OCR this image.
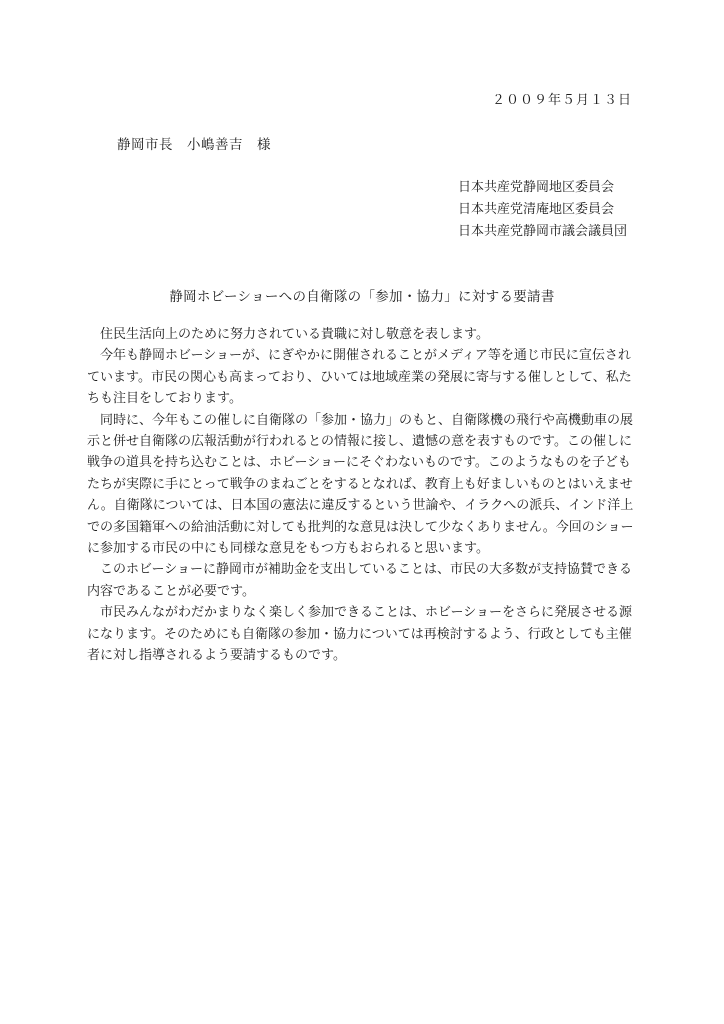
２００９年５月１３日
静岡市長　小嶋善吉　様
日本共産党静岡地区委員会
日本共産党清庵地区委員会
日本共産党静岡市議会議員団
静岡ホビーショーへの自衛隊の「参加・協力」に対する要請書

住民生活向上のために努力されている貴職に対し敬意を表します。

今年も静岡ホビーショーが、にぎやかに開催されることがメディア等を通じ市民に宣伝されています。市民の関心も高まっており、ひいては地域産業の発展に寄与する催しとして、私たちも注目をしております。

同時に、今年もこの催しに自衛隊の「参加・協力」のもと、自衛隊機の飛行や高機動車の展示と併せ自衛隊の広報活動が行われるとの情報に接し、遺憾の意を表すものです。この催しに戦争の道具を持ち込むことは、ホビーショーにそぐわないものです。このようなものを子どもたちが実際に手にとって戦争のまねごとをするとなれば、教育上も好ましいものとはいえません。自衛隊については、日本国の憲法に違反するという世論や、イラクへの派兵、インド洋上での多国籍軍への給油活動に対しても批判的な意見は決して少なくありません。今回のショーに参加する市民の中にも同様な意見をもつ方もおられると思います。

このホビーショーに静岡市が補助金を支出していることは、市民の大多数が支持協賛できる内容であることが必要です。

市民みんながわだかまりなく楽しく参加できることは、ホビーショーをさらに発展させる源になります。そのためにも自衛隊の参加・協力については再検討するよう、行政としても主催者に対し指導されるよう要請するものです。
